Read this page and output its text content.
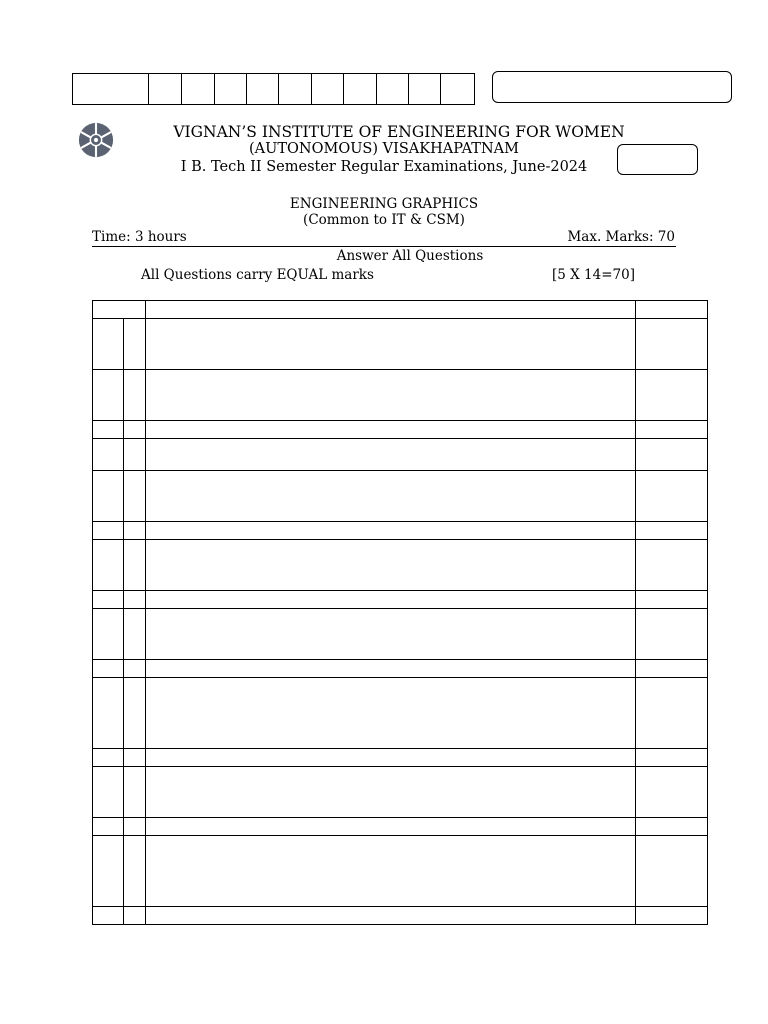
VIGNAN’S INSTITUTE OF ENGINEERING FOR WOMEN
(AUTONOMOUS) VISAKHAPATNAM
I B. Tech II Semester Regular Examinations, June-2024
ENGINEERING GRAPHICS
(Common to IT & CSM)
Time: 3 hours	Max. Marks: 70
Answer All Questions
All Questions carry EQUAL marks	[5 X 14=70]
